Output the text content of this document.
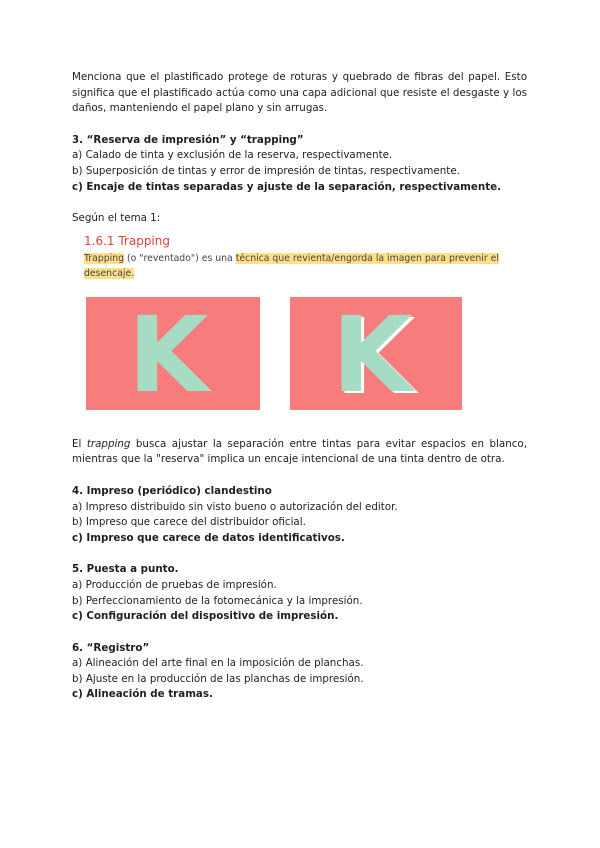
Menciona que el plastificado protege de roturas y quebrado de fibras del papel. Esto significa que el plastificado actúa como una capa adicional que resiste el desgaste y los daños, manteniendo el papel plano y sin arrugas.

3. “Reserva de impresión” y “trapping”

a) Calado de tinta y exclusión de la reserva, respectivamente.

b) Superposición de tintas y error de impresión de tintas, respectivamente.

c) Encaje de tintas separadas y ajuste de la separación, respectivamente.

Según el tema 1:

1.6.1 Trapping
Trapping (o "reventado") es una técnica que revienta/engorda la imagen para prevenir el desencaje.
K K

El trapping busca ajustar la separación entre tintas para evitar espacios en blanco, mientras que la "reserva" implica un encaje intencional de una tinta dentro de otra.

4. Impreso (periódico) clandestino

a) Impreso distribuido sin visto bueno o autorización del editor.

b) Impreso que carece del distribuidor oficial.

c) Impreso que carece de datos identificativos.

5. Puesta a punto.

a) Producción de pruebas de impresión.

b) Perfeccionamiento de la fotomecánica y la impresión.

c) Configuración del dispositivo de impresión.

6. “Registro”

a) Alineación del arte final en la imposición de planchas.

b) Ajuste en la producción de las planchas de impresión.

c) Alineación de tramas.
